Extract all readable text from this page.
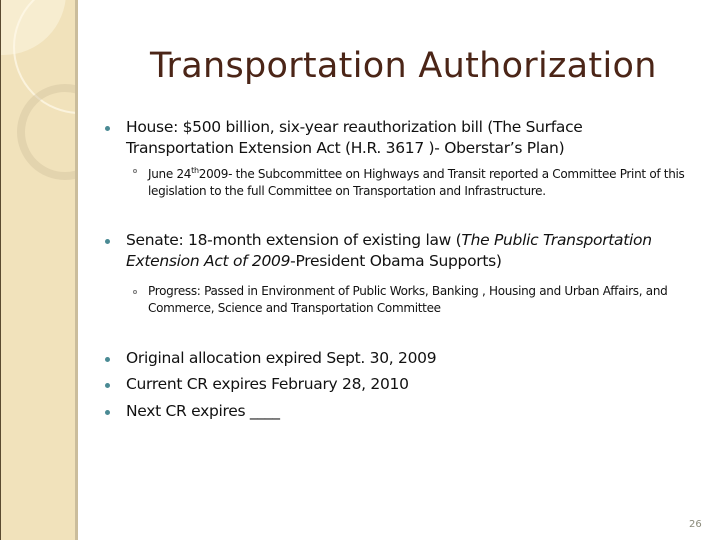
Transportation Authorization
House: $500 billion, six-year reauthorization bill (The Surface Transportation Extension Act (H.R. 3617 )- Oberstar’s Plan)
June 24th2009- the Subcommittee on Highways and Transit reported a Committee Print of this legislation to the full Committee on Transportation and Infrastructure.
Senate: 18-month extension of existing law (The Public Transportation Extension Act of 2009-President Obama Supports)
Progress: Passed in Environment of Public Works, Banking , Housing and Urban Affairs, and Commerce, Science and Transportation Committee
Original allocation expired Sept. 30, 2009
Current CR expires February 28, 2010
Next CR expires ____
26
